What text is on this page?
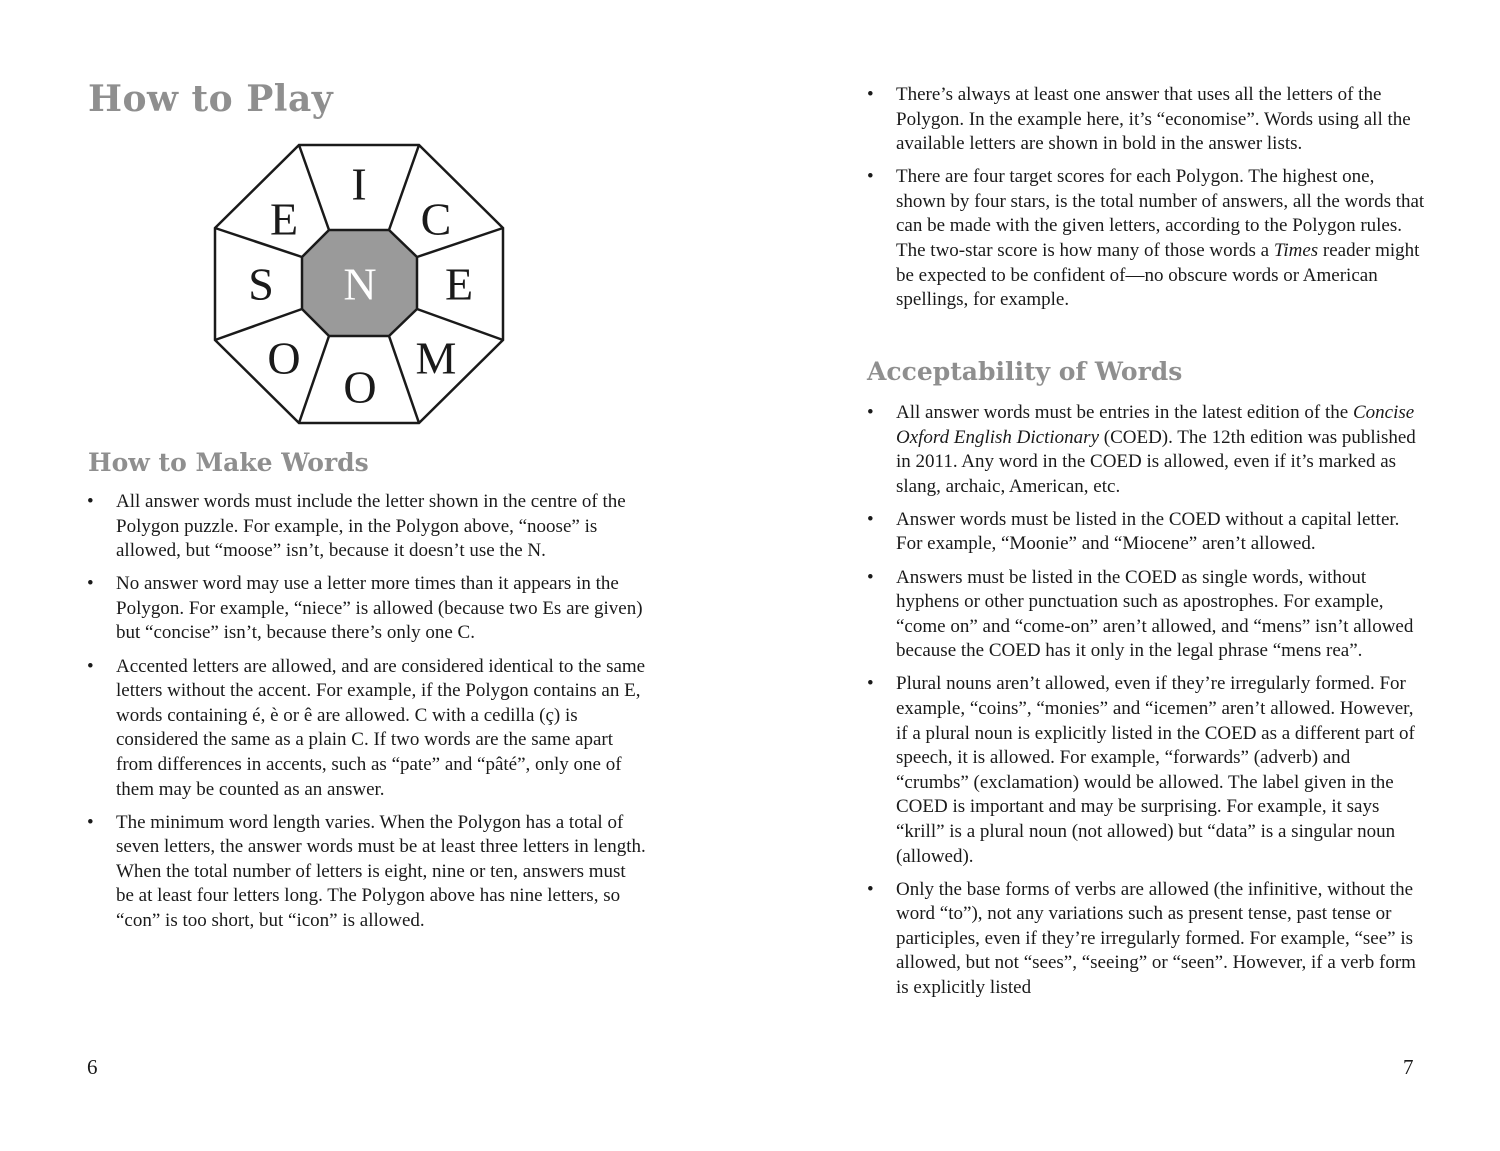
How to Play
I
C
E
M
O
O
S
E
N
How to Make Words
• All answer words must include the letter shown in the centre of the Polygon puzzle. For example, in the Polygon above, “noose” is allowed, but “moose” isn’t, because it doesn’t use the N.
• No answer word may use a letter more times than it appears in the Polygon. For example, “niece” is allowed (because two Es are given) but “concise” isn’t, because there’s only one C.
• Accented letters are allowed, and are considered identical to the same letters without the accent. For example, if the Polygon contains an E, words containing é, è or ê are allowed. C with a cedilla (ç) is considered the same as a plain C. If two words are the same apart from differences in accents, such as “pate” and “pâté”, only one of them may be counted as an answer.
• The minimum word length varies. When the Polygon has a total of seven letters, the answer words must be at least three letters in length. When the total number of letters is eight, nine or ten, answers must be at least four letters long. The Polygon above has nine letters, so “con” is too short, but “icon” is allowed.
6
• There’s always at least one answer that uses all the letters of the Polygon. In the example here, it’s “economise”. Words using all the available letters are shown in bold in the answer lists.
• There are four target scores for each Polygon. The highest one, shown by four stars, is the total number of answers, all the words that can be made with the given letters, according to the Polygon rules. The two-star score is how many of those words a Times reader might be expected to be confident of—no obscure words or American spellings, for example.
Acceptability of Words
• All answer words must be entries in the latest edition of the Concise Oxford English Dictionary (COED). The 12th edition was published in 2011. Any word in the COED is allowed, even if it’s marked as slang, archaic, American, etc.
• Answer words must be listed in the COED without a capital letter. For example, “Moonie” and “Miocene” aren’t allowed.
• Answers must be listed in the COED as single words, without hyphens or other punctuation such as apostrophes. For example, “come on” and “come-on” aren’t allowed, and “mens” isn’t allowed because the COED has it only in the legal phrase “mens rea”.
• Plural nouns aren’t allowed, even if they’re irregularly formed. For example, “coins”, “monies” and “icemen” aren’t allowed. However, if a plural noun is explicitly listed in the COED as a different part of speech, it is allowed. For example, “forwards” (adverb) and “crumbs” (exclamation) would be allowed. The label given in the COED is important and may be surprising. For example, it says “krill” is a plural noun (not allowed) but “data” is a singular noun (allowed).
• Only the base forms of verbs are allowed (the infinitive, without the word “to”), not any variations such as present tense, past tense or participles, even if they’re irregularly formed. For example, “see” is allowed, but not “sees”, “seeing” or “seen”. However, if a verb form is explicitly listed
7
